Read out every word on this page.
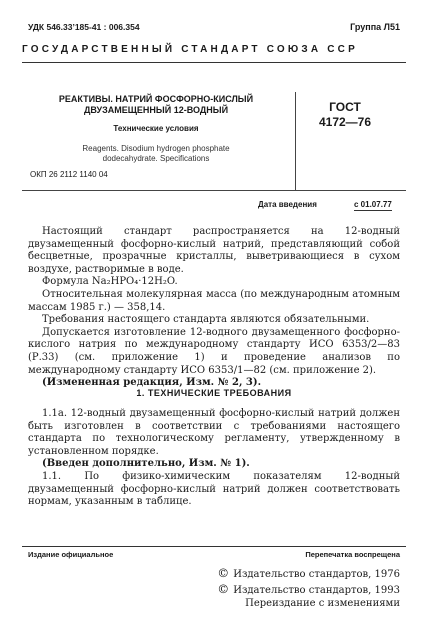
УДК 546.33’185-41 : 006.354	Группа Л51
ГОСУДАРСТВЕННЫЙ СТАНДАРТ СОЮЗА ССР
РЕАКТИВЫ. НАТРИЙ ФОСФОРНО-КИСЛЫЙ
ДВУЗАМЕЩЕННЫЙ 12-ВОДНЫЙ
Технические условия
Reagents. Disodium hydrogen phosphate
dodecahydrate. Specifications
ОКП 26 2112 1140 04
ГОСТ
4172—76
Дата введения	с 01.07.77

Настоящий стандарт распространяется на 12-водный двузамещенный фосфорно-кислый натрий, представляющий собой бесцветные, прозрачные кристаллы, выветривающиеся в сухом воздухе, растворимые в воде.

Формула Na₂HPO₄·12H₂O.

Относительная молекулярная масса (по международным атомным массам 1985 г.) — 358,14.

Требования настоящего стандарта являются обязательными.

Допускается изготовление 12-водного двузамещенного фосфорно-кислого натрия по международному стандарту ИСО 6353/2—83 (Р.33) (см. приложение 1) и проведение анализов по международному стандарту ИСО 6353/1—82 (см. приложение 2).

(Измененная редакция, Изм. № 2, 3).

1. ТЕХНИЧЕСКИЕ ТРЕБОВАНИЯ

1.1а. 12-водный двузамещенный фосфорно-кислый натрий должен быть изготовлен в соответствии с требованиями настоящего стандарта по технологическому регламенту, утвержденному в установленном порядке.

(Введен дополнительно, Изм. № 1).

1.1. По физико-химическим показателям 12-водный двузамещенный фосфорно-кислый натрий должен соответствовать нормам, указанным в таблице.

Издание официальное	Перепечатка воспрещена
© Издательство стандартов, 1976
© Издательство стандартов, 1993
Переиздание с изменениями
